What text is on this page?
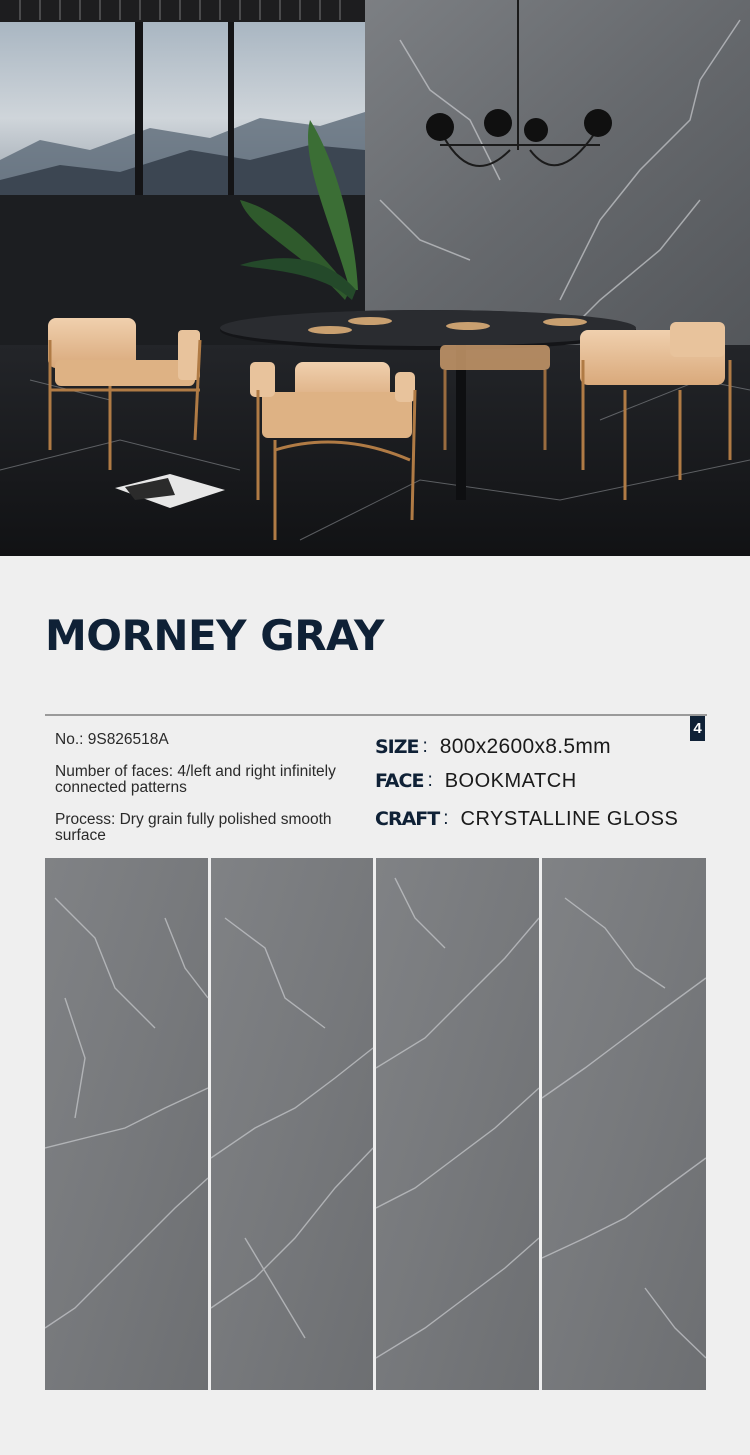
MORNEY GRAY
4
No.: 9S826518A
Number of faces: 4/left and right infinitely connected patterns
Process: Dry grain fully polished smooth surface
SIZE : 800x2600x8.5mm
FACE : BOOKMATCH
CRAFT : CRYSTALLINE GLOSS
